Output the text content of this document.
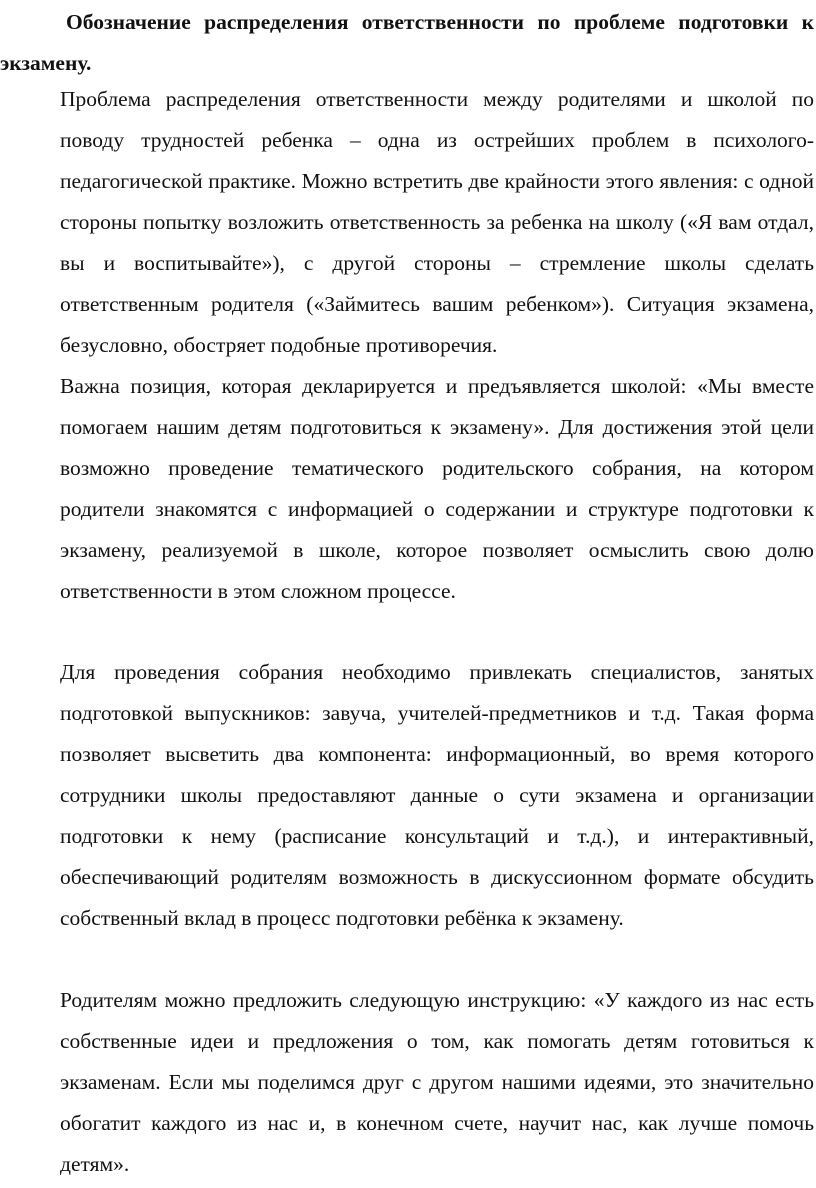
Обозначение распределения ответственности по проблеме подготовки к экзамену.

Проблема распределения ответственности между родителями и школой по поводу трудностей ребенка – одна из острейших проблем в психолого-педагогической практике. Можно встретить две крайности этого явления: с одной стороны попытку возложить ответственность за ребенка на школу («Я вам отдал, вы и воспитывайте»), с другой стороны – стремление школы сделать ответственным родителя («Займитесь вашим ребенком»). Ситуация экзамена, безусловно, обостряет подобные противоречия.

Важна позиция, которая декларируется и предъявляется школой: «Мы вместе помогаем нашим детям подготовиться к экзамену». Для достижения этой цели возможно проведение тематического родительского собрания, на котором родители знакомятся с информацией о содержании и структуре подготовки к экзамену, реализуемой в школе, которое позволяет осмыслить свою долю ответственности в этом сложном процессе.

Для проведения собрания необходимо привлекать специалистов, занятых подготовкой выпускников: завуча, учителей-предметников и т.д. Такая форма позволяет высветить два компонента: информационный, во время которого сотрудники школы предоставляют данные о сути экзамена и организации подготовки к нему (расписание консультаций и т.д.), и интерактивный, обеспечивающий родителям возможность в дискуссионном формате обсудить собственный вклад в процесс подготовки ребёнка к экзамену.

Родителям можно предложить следующую инструкцию: «У каждого из нас есть собственные идеи и предложения о том, как помогать детям готовиться к экзаменам. Если мы поделимся друг с другом нашими идеями, это значительно обогатит каждого из нас и, в конечном счете, научит нас, как лучше помочь детям».
